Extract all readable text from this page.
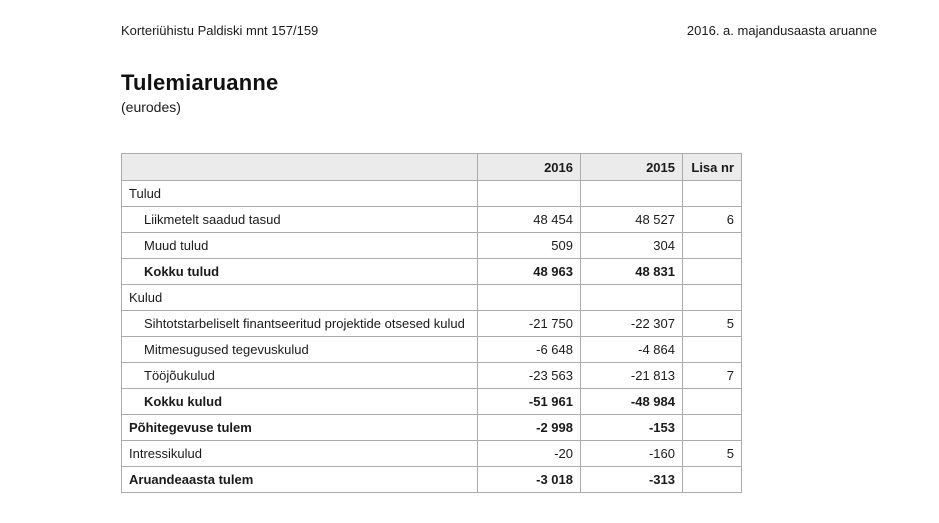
Korteriühistu Paldiski mnt 157/159	2016. a. majandusaasta aruanne
Tulemiaruanne
(eurodes)
	2016	2015	Lisa nr
Tulud			
Liikmetelt saadud tasud	48 454	48 527	6
Muud tulud	509	304	
Kokku tulud	48 963	48 831	
Kulud			
Sihtotstarbeliselt finantseeritud projektide otsesed kulud	-21 750	-22 307	5
Mitmesugused tegevuskulud	-6 648	-4 864	
Tööjõukulud	-23 563	-21 813	7
Kokku kulud	-51 961	-48 984	
Põhitegevuse tulem	-2 998	-153	
Intressikulud	-20	-160	5
Aruandeaasta tulem	-3 018	-313	
